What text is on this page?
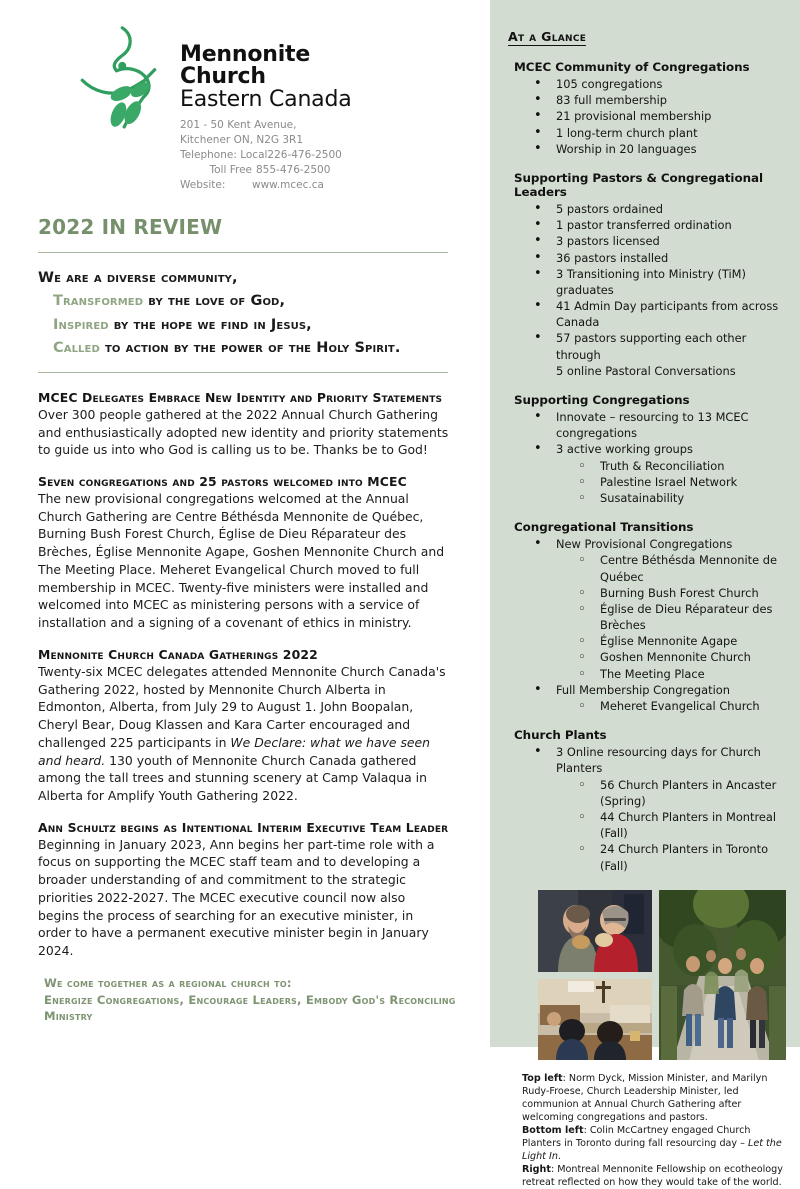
Mennonite
Church
Eastern Canada
201 - 50 Kent Avenue,
Kitchener ON, N2G 3R1
Telephone: Local 226-476-2500
Toll Free 855-476-2500
Website:	www.mcec.ca
2022 IN REVIEW
We are a diverse community,
Transformed by the love of God,
Inspired by the hope we find in Jesus,
Called to action by the power of the Holy Spirit.
MCEC Delegates Embrace New Identity and Priority Statements
Over 300 people gathered at the 2022 Annual Church Gathering and enthusiastically adopted new identity and priority statements to guide us into who God is calling us to be. Thanks be to God!
Seven congregations and 25 pastors welcomed into MCEC
The new provisional congregations welcomed at the Annual Church Gathering are Centre Béthésda Mennonite de Québec, Burning Bush Forest Church, Église de Dieu Réparateur des Brèches, Église Mennonite Agape, Goshen Mennonite Church and The Meeting Place. Meheret Evangelical Church moved to full membership in MCEC. Twenty-five ministers were installed and welcomed into MCEC as ministering persons with a service of installation and a signing of a covenant of ethics in ministry.
Mennonite Church Canada Gatherings 2022
Twenty-six MCEC delegates attended Mennonite Church Canada's Gathering 2022, hosted by Mennonite Church Alberta in Edmonton, Alberta, from July 29 to August 1. John Boopalan, Cheryl Bear, Doug Klassen and Kara Carter encouraged and challenged 225 participants in We Declare: what we have seen and heard. 130 youth of Mennonite Church Canada gathered among the tall trees and stunning scenery at Camp Valaqua in Alberta for Amplify Youth Gathering 2022.
Ann Schultz begins as Intentional Interim Executive Team Leader
Beginning in January 2023, Ann begins her part-time role with a focus on supporting the MCEC staff team and to developing a broader understanding of and commitment to the strategic priorities 2022-2027. The MCEC executive council now also begins the process of searching for an executive minister, in order to have a permanent executive minister begin in January 2024.
We come together as a regional church to:
Energize Congregations, Encourage Leaders, Embody God's Reconciling Ministry
At a Glance
MCEC Community of Congregations
• 105 congregations
• 83 full membership
• 21 provisional membership
• 1 long-term church plant
• Worship in 20 languages
Supporting Pastors & Congregational Leaders
• 5 pastors ordained
• 1 pastor transferred ordination
• 3 pastors licensed
• 36 pastors installed
• 3 Transitioning into Ministry (TiM) graduates
• 41 Admin Day participants from across Canada
• 57 pastors supporting each other through
5 online Pastoral Conversations
Supporting Congregations
• Innovate – resourcing to 13 MCEC
congregations
• 3 active working groups
◦ Truth & Reconciliation
◦ Palestine Israel Network
◦ Susatainability
Congregational Transitions
• New Provisional Congregations
◦ Centre Béthésda Mennonite de Québec
◦ Burning Bush Forest Church
◦ Église de Dieu Réparateur des Brèches
◦ Église Mennonite Agape
◦ Goshen Mennonite Church
◦ The Meeting Place
• Full Membership Congregation
◦ Meheret Evangelical Church
Church Plants
• 3 Online resourcing days for Church Planters
◦ 56 Church Planters in Ancaster (Spring)
◦ 44 Church Planters in Montreal (Fall)
◦ 24 Church Planters in Toronto (Fall)

Top left: Norm Dyck, Mission Minister, and Marilyn Rudy-Froese, Church Leadership Minister, led communion at Annual Church Gathering after welcoming congregations and pastors.

Bottom left: Colin McCartney engaged Church Planters in Toronto during fall resourcing day – Let the Light In.

Right: Montreal Mennonite Fellowship on ecotheology retreat reflected on how they would take of the world.
